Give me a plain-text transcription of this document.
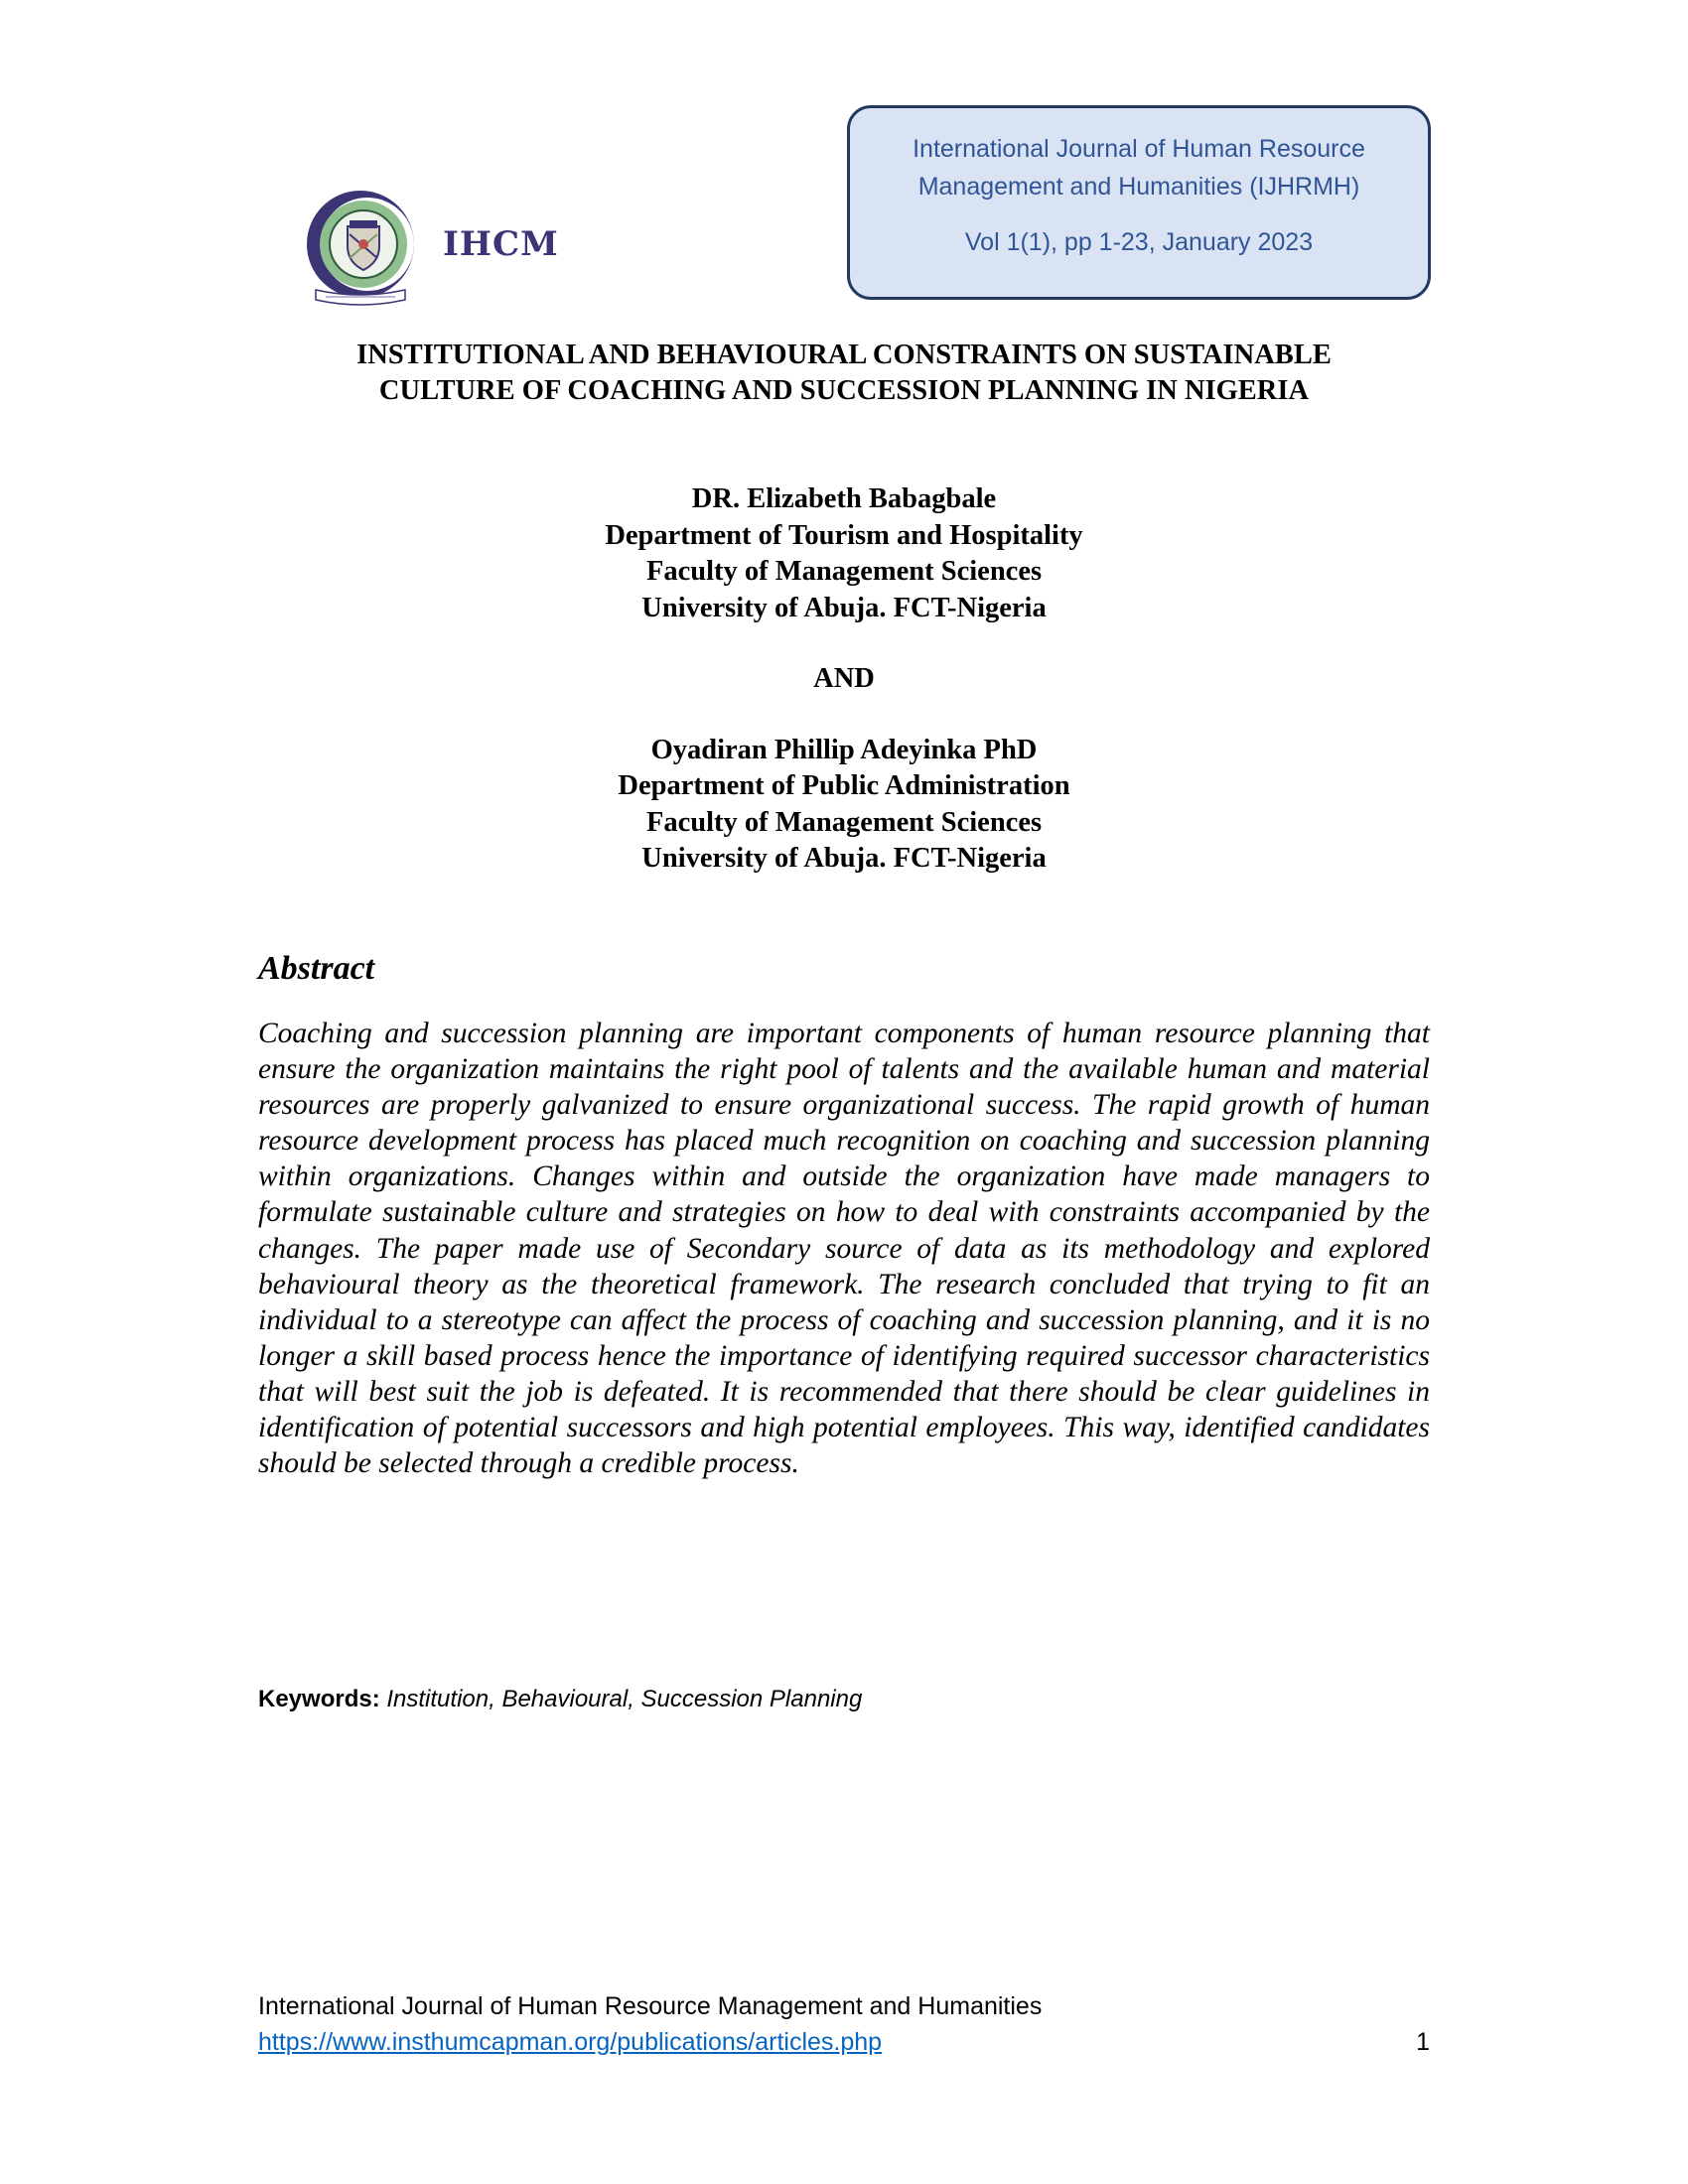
IHCM
International Journal of Human Resource
Management and Humanities (IJHRMH)
Vol 1(1), pp 1-23, January 2023
INSTITUTIONAL AND BEHAVIOURAL CONSTRAINTS ON SUSTAINABLE
CULTURE OF COACHING AND SUCCESSION PLANNING IN NIGERIA
DR. Elizabeth Babagbale
Department of Tourism and Hospitality
Faculty of Management Sciences
University of Abuja. FCT-Nigeria
AND
Oyadiran Phillip Adeyinka PhD
Department of Public Administration
Faculty of Management Sciences
University of Abuja. FCT-Nigeria
Abstract
Coaching and succession planning are important components of human resource planning that ensure the organization maintains the right pool of talents and the available human and material resources are properly galvanized to ensure organizational success. The rapid growth of human resource development process has placed much recognition on coaching and succession planning within organizations. Changes within and outside the organization have made managers to formulate sustainable culture and strategies on how to deal with constraints accompanied by the changes. The paper made use of Secondary source of data as its methodology and explored behavioural theory as the theoretical framework. The research concluded that trying to fit an individual to a stereotype can affect the process of coaching and succession planning, and it is no longer a skill based process hence the importance of identifying required successor characteristics that will best suit the job is defeated. It is recommended that there should be clear guidelines in identification of potential successors and high potential employees. This way, identified candidates should be selected through a credible process.
Keywords: Institution, Behavioural, Succession Planning
International Journal of Human Resource Management and Humanities
https://www.insthumcapman.org/publications/articles.php	1
